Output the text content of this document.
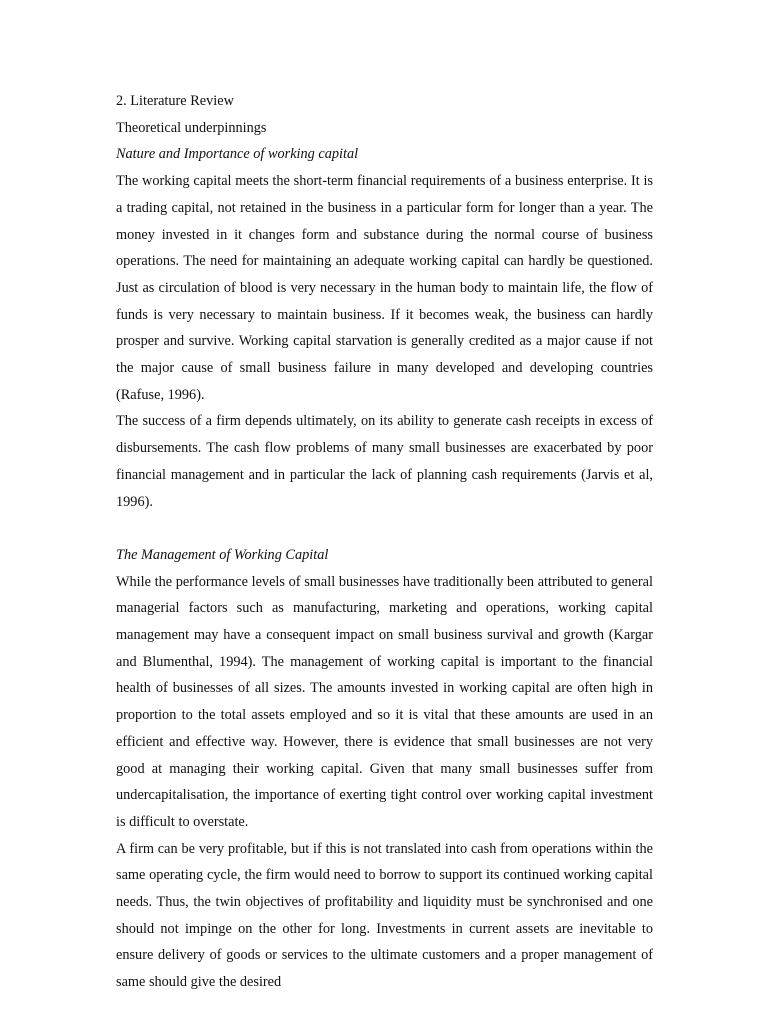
2. Literature Review

Theoretical underpinnings

Nature and Importance of working capital

The working capital meets the short-term financial requirements of a business enterprise. It is a trading capital, not retained in the business in a particular form for longer than a year. The money invested in it changes form and substance during the normal course of business operations. The need for maintaining an adequate working capital can hardly be questioned. Just as circulation of blood is very necessary in the human body to maintain life, the flow of funds is very necessary to maintain business. If it becomes weak, the business can hardly prosper and survive. Working capital starvation is generally credited as a major cause if not the major cause of small business failure in many developed and developing countries (Rafuse, 1996).

The success of a firm depends ultimately, on its ability to generate cash receipts in excess of disbursements. The cash flow problems of many small businesses are exacerbated by poor financial management and in particular the lack of planning cash requirements (Jarvis et al, 1996).

The Management of Working Capital

While the performance levels of small businesses have traditionally been attributed to general managerial factors such as manufacturing, marketing and operations, working capital management may have a consequent impact on small business survival and growth (Kargar and Blumenthal, 1994). The management of working capital is important to the financial health of businesses of all sizes. The amounts invested in working capital are often high in proportion to the total assets employed and so it is vital that these amounts are used in an efficient and effective way. However, there is evidence that small businesses are not very good at managing their working capital. Given that many small businesses suffer from undercapitalisation, the importance of exerting tight control over working capital investment is difficult to overstate.

A firm can be very profitable, but if this is not translated into cash from operations within the same operating cycle, the firm would need to borrow to support its continued working capital needs. Thus, the twin objectives of profitability and liquidity must be synchronised and one should not impinge on the other for long. Investments in current assets are inevitable to ensure delivery of goods or services to the ultimate customers and a proper management of same should give the desired
